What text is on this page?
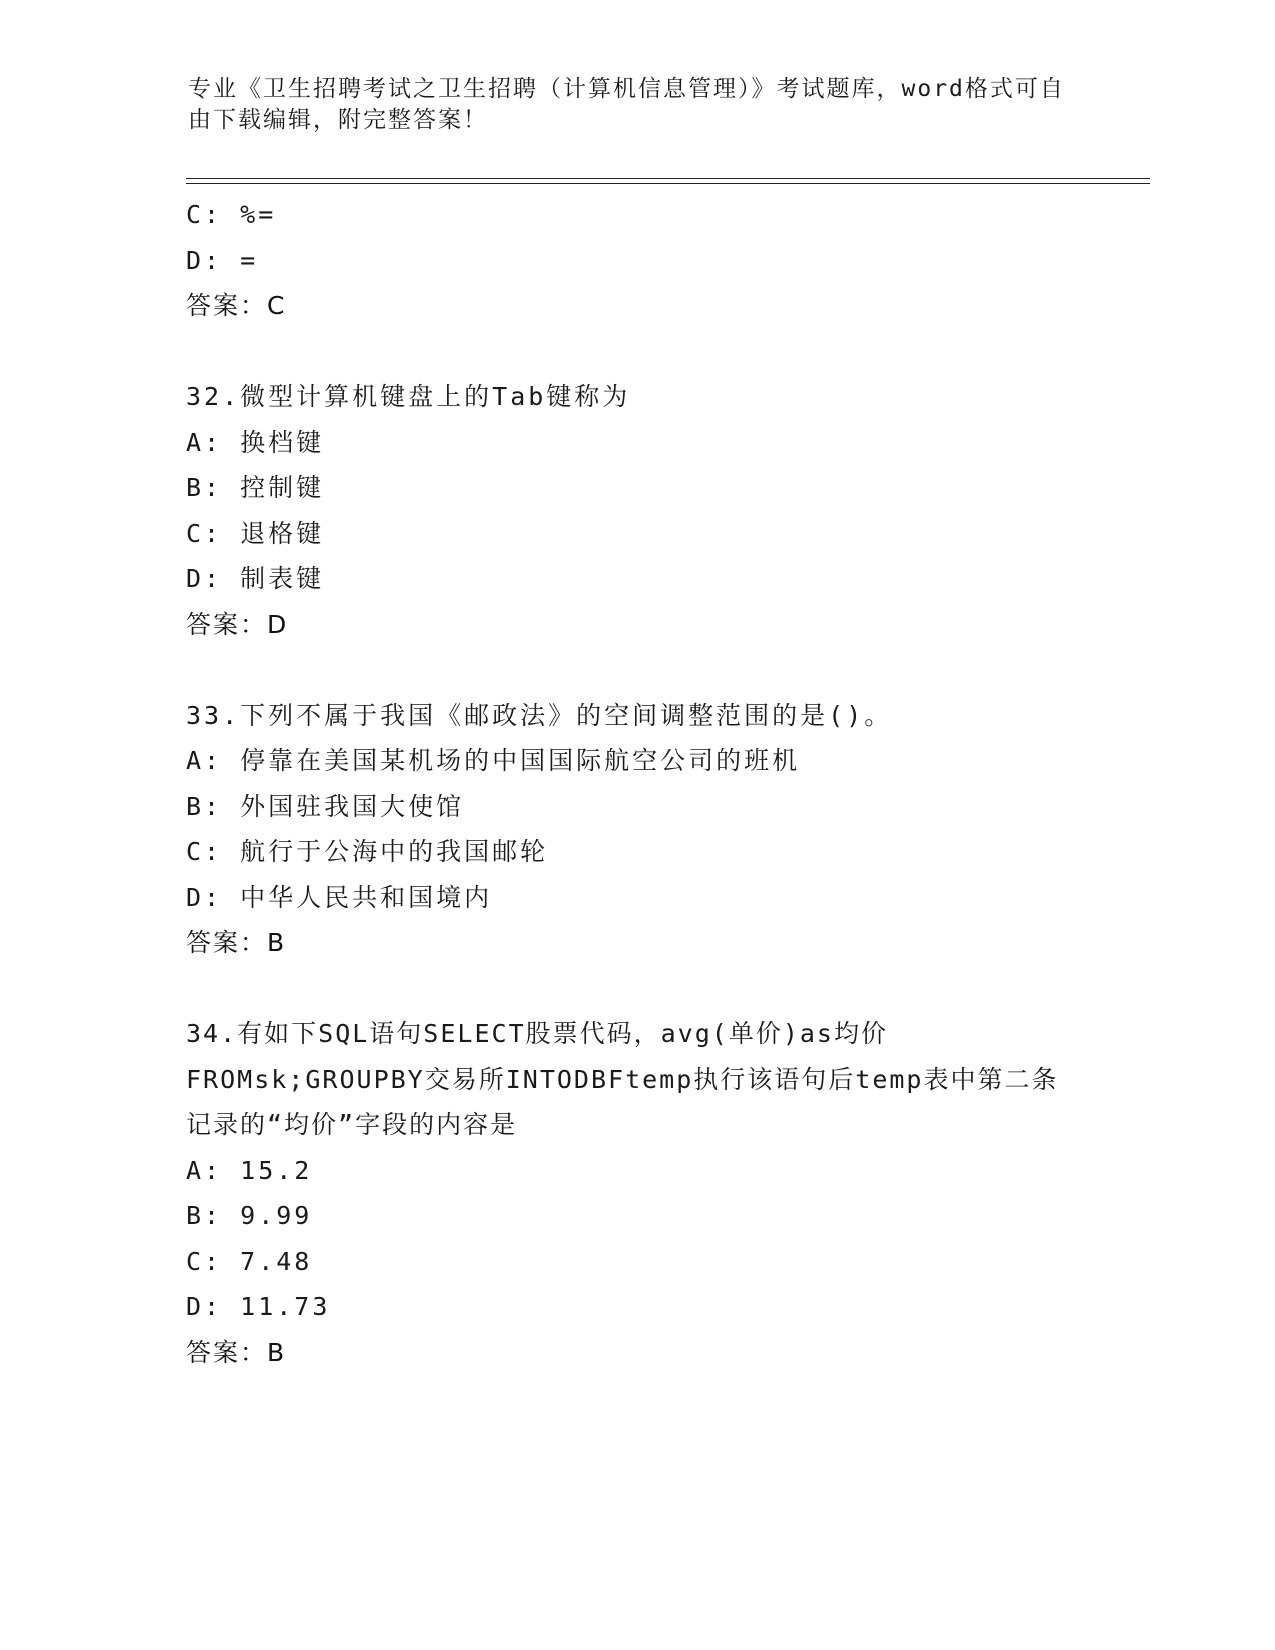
专业《卫生招聘考试之卫生招聘（计算机信息管理）》考试题库，word格式可自由下载编辑，附完整答案！
C: %=
D: =
答案：C
32.微型计算机键盘上的Tab键称为
A: 换档键
B: 控制键
C: 退格键
D: 制表键
答案：D
33.下列不属于我国《邮政法》的空间调整范围的是()。
A: 停靠在美国某机场的中国国际航空公司的班机
B: 外国驻我国大使馆
C: 航行于公海中的我国邮轮
D: 中华人民共和国境内
答案：B
34.有如下SQL语句SELECT股票代码，avg(单价)as均价FROMsk;GROUPBY交易所INTODBFtemp执行该语句后temp表中第二条记录的“均价”字段的内容是
A: 15.2
B: 9.99
C: 7.48
D: 11.73
答案：B
